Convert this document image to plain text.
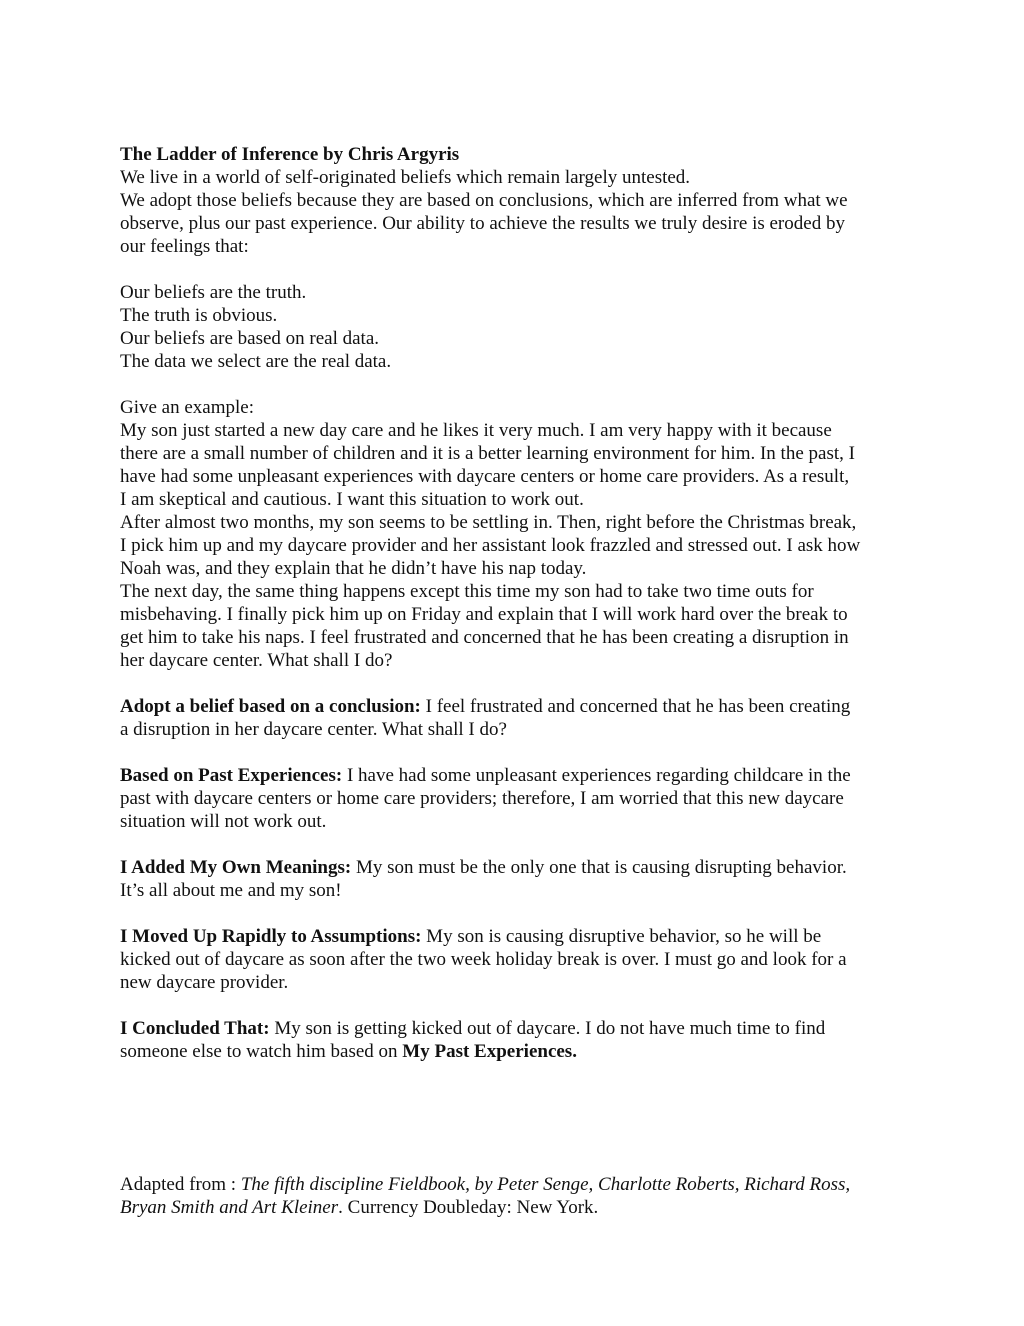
The Ladder of Inference by Chris Argyris
We live in a world of self-originated beliefs which remain largely untested.
We adopt those beliefs because they are based on conclusions, which are inferred from what we
observe, plus our past experience. Our ability to achieve the results we truly desire is eroded by
our feelings that:
Our beliefs are the truth.
The truth is obvious.
Our beliefs are based on real data.
The data we select are the real data.
Give an example:
My son just started a new day care and he likes it very much. I am very happy with it because
there are a small number of children and it is a better learning environment for him. In the past, I
have had some unpleasant experiences with daycare centers or home care providers. As a result,
I am skeptical and cautious. I want this situation to work out.
After almost two months, my son seems to be settling in. Then, right before the Christmas break,
I pick him up and my daycare provider and her assistant look frazzled and stressed out. I ask how
Noah was, and they explain that he didn’t have his nap today.
The next day, the same thing happens except this time my son had to take two time outs for
misbehaving. I finally pick him up on Friday and explain that I will work hard over the break to
get him to take his naps. I feel frustrated and concerned that he has been creating a disruption in
her daycare center. What shall I do?
Adopt a belief based on a conclusion: I feel frustrated and concerned that he has been creating
a disruption in her daycare center. What shall I do?
Based on Past Experiences: I have had some unpleasant experiences regarding childcare in the
past with daycare centers or home care providers; therefore, I am worried that this new daycare
situation will not work out.
I Added My Own Meanings: My son must be the only one that is causing disrupting behavior.
It’s all about me and my son!
I Moved Up Rapidly to Assumptions: My son is causing disruptive behavior, so he will be
kicked out of daycare as soon after the two week holiday break is over. I must go and look for a
new daycare provider.
I Concluded That: My son is getting kicked out of daycare. I do not have much time to find
someone else to watch him based on My Past Experiences.
Adapted from : The fifth discipline Fieldbook, by Peter Senge, Charlotte Roberts, Richard Ross,
Bryan Smith and Art Kleiner. Currency Doubleday: New York.
